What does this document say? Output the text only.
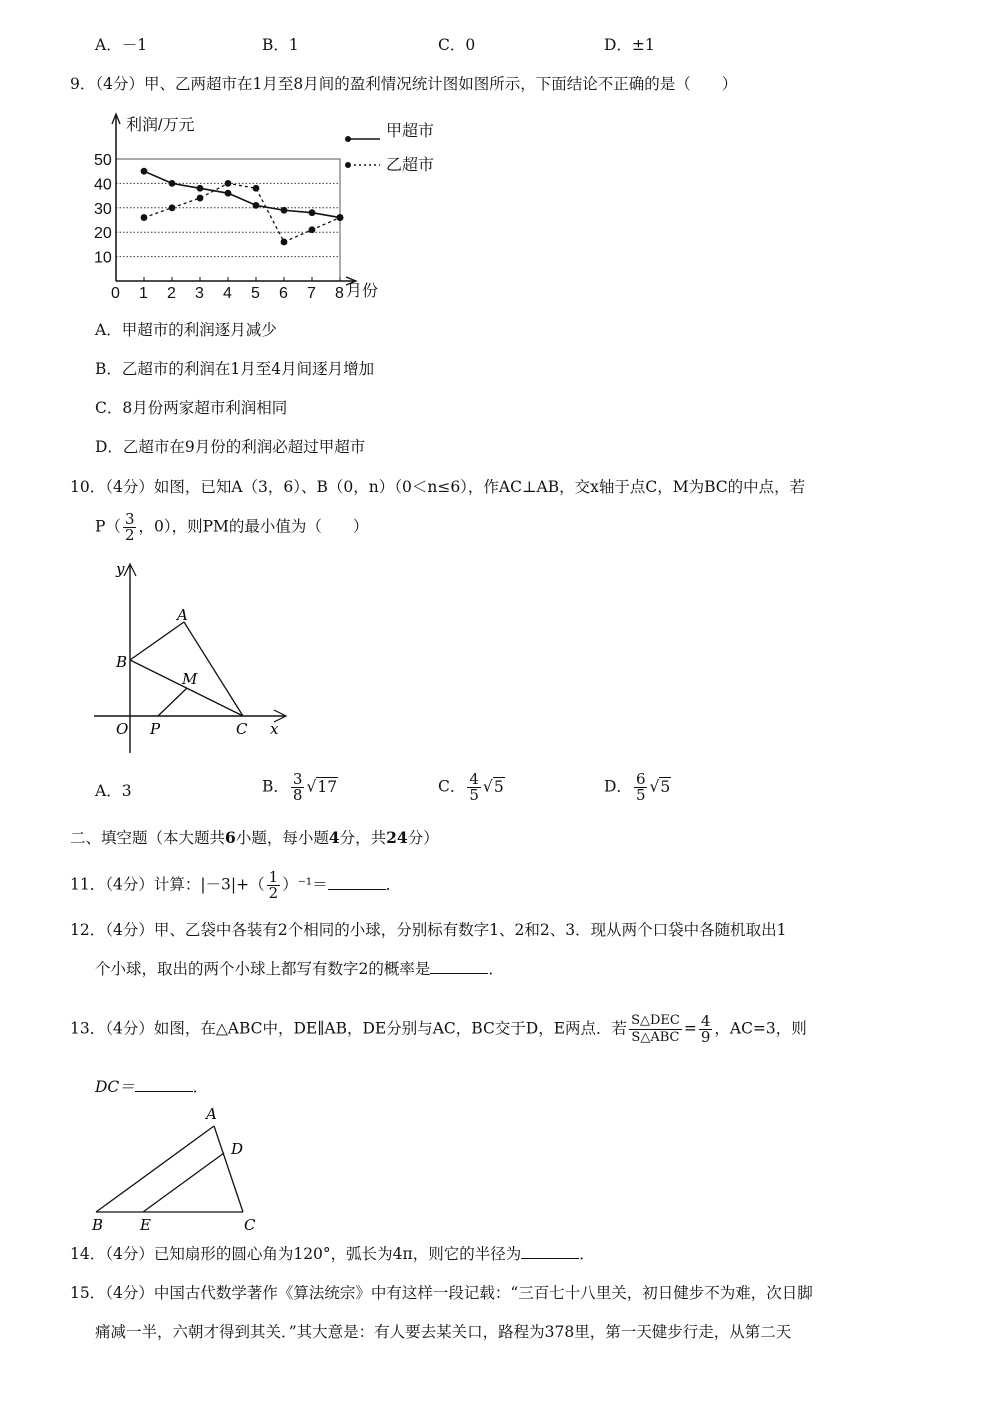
A．－1	B．1	C．0	D．±1
9．（4分）甲、乙两超市在1月至8月间的盈利情况统计图如图所示，下面结论不正确的是（　　）
利润/万元
月份
0 1 2 3 4 5 6 7 8
10
20
30
40
50
甲超市
乙超市
A．甲超市的利润逐月减少
B．乙超市的利润在1月至4月间逐月增加
C．8月份两家超市利润相同
D．乙超市在9月份的利润必超过甲超市
10．（4分）如图，已知A（3，6）、B（0，n）（0＜n≤6），作AC⊥AB，交x轴于点C，M为BC的中点，若
$P( \frac{3}{2}$ ，0），则PM的最小值为（　　）
y
x
A
B
M
O P	C
A．3	B． $\frac{3}{8} √17$	C． $\frac{4}{5} √5$	D． $\frac{6}{5} √5$
二、填空题（本大题共6小题，每小题4分，共24分）
11．（4分）计算：$|-3|+( \frac{1}{2} )^{-1}=$	．
12．（4分）甲、乙袋中各装有2个相同的小球，分别标有数字1、2和2、3．现从两个口袋中各随机取出1
个小球，取出的两个小球上都写有数字2的概率是	．
13．（4分）如图，在△ABC中，DE∥AB，DE分别与AC，BC交于D，E两点．若 $\frac{\text{S△DEC}}{\text{S△ABC}} = \frac{4}{9}$ ，AC=3，则
DC＝	．
A
D
B E	C
14．（4分）已知扇形的圆心角为120°，弧长为4π，则它的半径为	．
15．（4分）中国古代数学著作《算法统宗》中有这样一段记载：“三百七十八里关，初日健步不为难，次日脚
痛减一半，六朝才得到其关．”其大意是：有人要去某关口，路程为378里，第一天健步行走，从第二天
